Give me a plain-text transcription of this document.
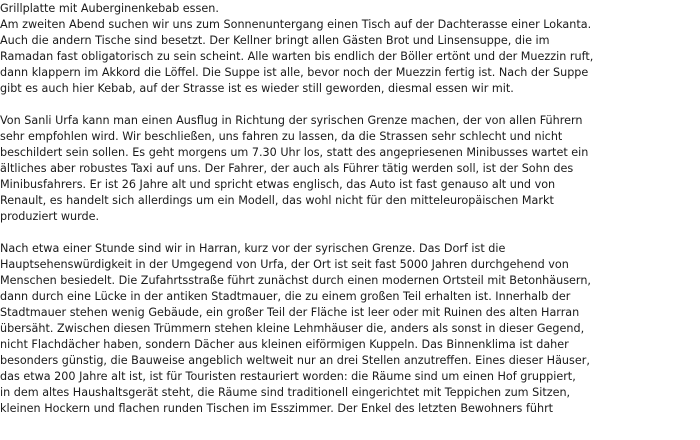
Grillplatte mit Auberginenkebab essen.
Am zweiten Abend suchen wir uns zum Sonnenuntergang einen Tisch auf der Dachterasse einer Lokanta.
Auch die andern Tische sind besetzt. Der Kellner bringt allen Gästen Brot und Linsensuppe, die im
Ramadan fast obligatorisch zu sein scheint. Alle warten bis endlich der Böller ertönt und der Muezzin ruft,
dann klappern im Akkord die Löffel. Die Suppe ist alle, bevor noch der Muezzin fertig ist. Nach der Suppe
gibt es auch hier Kebab, auf der Strasse ist es wieder still geworden, diesmal essen wir mit.
Von Sanli Urfa kann man einen Ausflug in Richtung der syrischen Grenze machen, der von allen Führern
sehr empfohlen wird. Wir beschließen, uns fahren zu lassen, da die Strassen sehr schlecht und nicht
beschildert sein sollen. Es geht morgens um 7.30 Uhr los, statt des angepriesenen Minibusses wartet ein
ältliches aber robustes Taxi auf uns. Der Fahrer, der auch als Führer tätig werden soll, ist der Sohn des
Minibusfahrers. Er ist 26 Jahre alt und spricht etwas englisch, das Auto ist fast genauso alt und von
Renault, es handelt sich allerdings um ein Modell, das wohl nicht für den mitteleuropäischen Markt
produziert wurde.
Nach etwa einer Stunde sind wir in Harran, kurz vor der syrischen Grenze. Das Dorf ist die
Hauptsehenswürdigkeit in der Umgegend von Urfa, der Ort ist seit fast 5000 Jahren durchgehend von
Menschen besiedelt. Die Zufahrtsstraße führt zunächst durch einen modernen Ortsteil mit Betonhäusern,
dann durch eine Lücke in der antiken Stadtmauer, die zu einem großen Teil erhalten ist. Innerhalb der
Stadtmauer stehen wenig Gebäude, ein großer Teil der Fläche ist leer oder mit Ruinen des alten Harran
übersäht. Zwischen diesen Trümmern stehen kleine Lehmhäuser die, anders als sonst in dieser Gegend,
nicht Flachdächer haben, sondern Dächer aus kleinen eiförmigen Kuppeln. Das Binnenklima ist daher
besonders günstig, die Bauweise angeblich weltweit nur an drei Stellen anzutreffen. Eines dieser Häuser,
das etwa 200 Jahre alt ist, ist für Touristen restauriert worden: die Räume sind um einen Hof gruppiert,
in dem altes Haushaltsgerät steht, die Räume sind traditionell eingerichtet mit Teppichen zum Sitzen,
kleinen Hockern und flachen runden Tischen im Esszimmer. Der Enkel des letzten Bewohners führt
